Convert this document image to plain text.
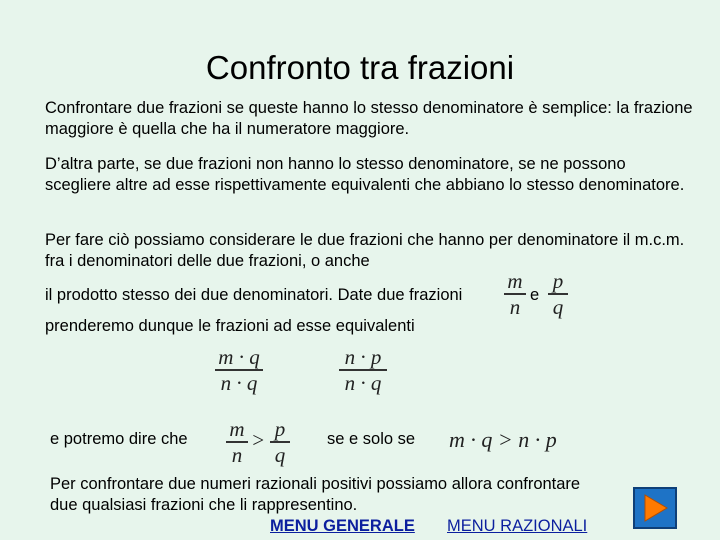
Confronto tra frazioni
Confrontare due frazioni se queste hanno lo stesso denominatore è semplice: la frazione maggiore è quella che ha il numeratore maggiore.
D’altra parte, se due frazioni non hanno lo stesso denominatore, se ne possono scegliere altre ad esse rispettivamente equivalenti che abbiano lo stesso denominatore.
Per fare ciò possiamo considerare le due frazioni che hanno per denominatore il m.c.m. fra i denominatori delle due frazioni, o anche
il prodotto stesso dei due denominatori. Date due frazioni
m
n e
p
q
prenderemo dunque le frazioni ad esse equivalenti
m · q
n · q
n · p
n · q
e potremo dire che m
n
> p
q
se e solo se m · q > n · p
Per confrontare due numeri razionali positivi possiamo allora confrontare due qualsiasi frazioni che li rappresentino.
MENU GENERALE MENU RAZIONALI
